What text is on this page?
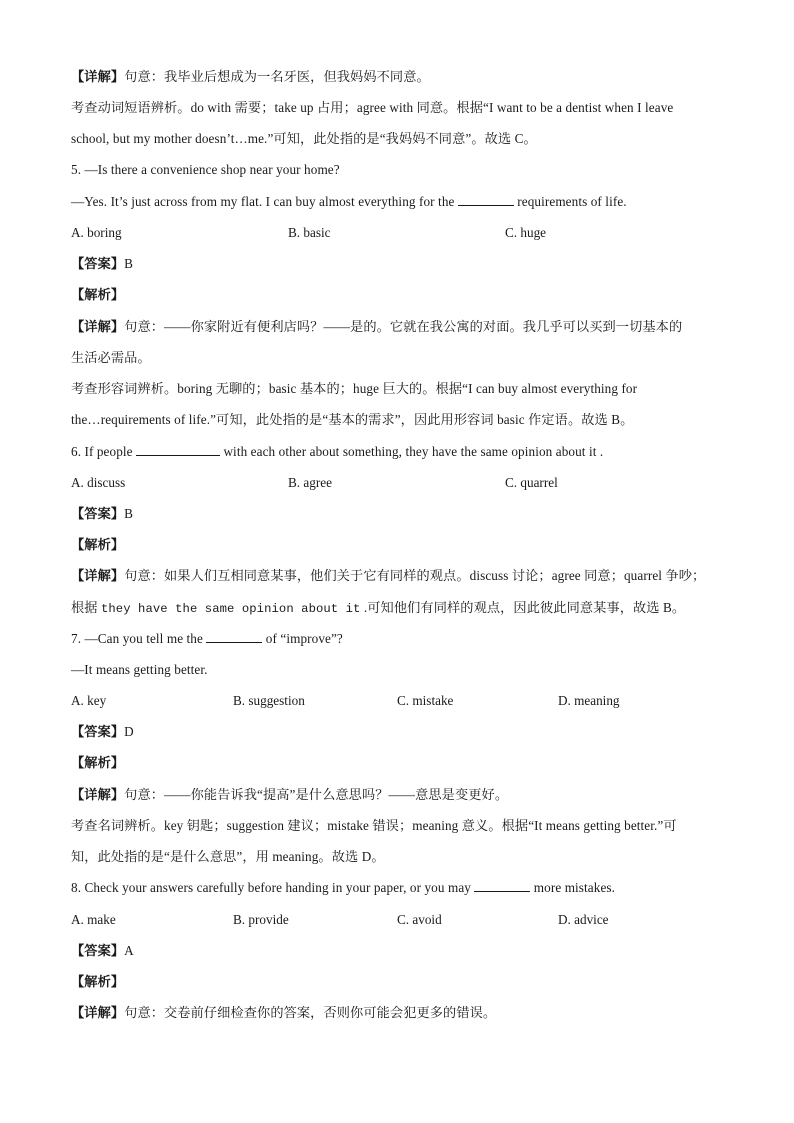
【详解】句意：我毕业后想成为一名牙医，但我妈妈不同意。
考查动词短语辨析。do with 需要；take up 占用；agree with 同意。根据“I want to be a dentist when I leave
school, but my mother doesn’t…me.”可知，此处指的是“我妈妈不同意”。故选 C。
5. —Is there a convenience shop near your home?
—Yes. It’s just across from my flat. I can buy almost everything for the	requirements of life.
A. boring	B. basic	C. huge
【答案】B
【解析】
【详解】句意：——你家附近有便利店吗？——是的。它就在我公寓的对面。我几乎可以买到一切基本的
生活必需品。
考查形容词辨析。boring 无聊的；basic 基本的；huge 巨大的。根据“I can buy almost everything for
the…requirements of life.”可知，此处指的是“基本的需求”，因此用形容词 basic 作定语。故选 B。
6. If people	with each other about something, they have the same opinion about it .
A. discuss	B. agree	C. quarrel
【答案】B
【解析】
【详解】句意：如果人们互相同意某事，他们关于它有同样的观点。discuss 讨论；agree 同意；quarrel 争吵；
根据 they have the same opinion about it .可知他们有同样的观点，因此彼此同意某事，故选 B。
7. —Can you tell me the	of “improve”?
—It means getting better.
A. key	B. suggestion	C. mistake	D. meaning
【答案】D
【解析】
【详解】句意：——你能告诉我“提高”是什么意思吗？——意思是变更好。
考查名词辨析。key 钥匙；suggestion 建议；mistake 错误；meaning 意义。根据“It means getting better.”可
知，此处指的是“是什么意思”，用 meaning。故选 D。
8. Check your answers carefully before handing in your paper, or you may	more mistakes.
A. make	B. provide	C. avoid	D. advice
【答案】A
【解析】
【详解】句意：交卷前仔细检查你的答案，否则你可能会犯更多的错误。
